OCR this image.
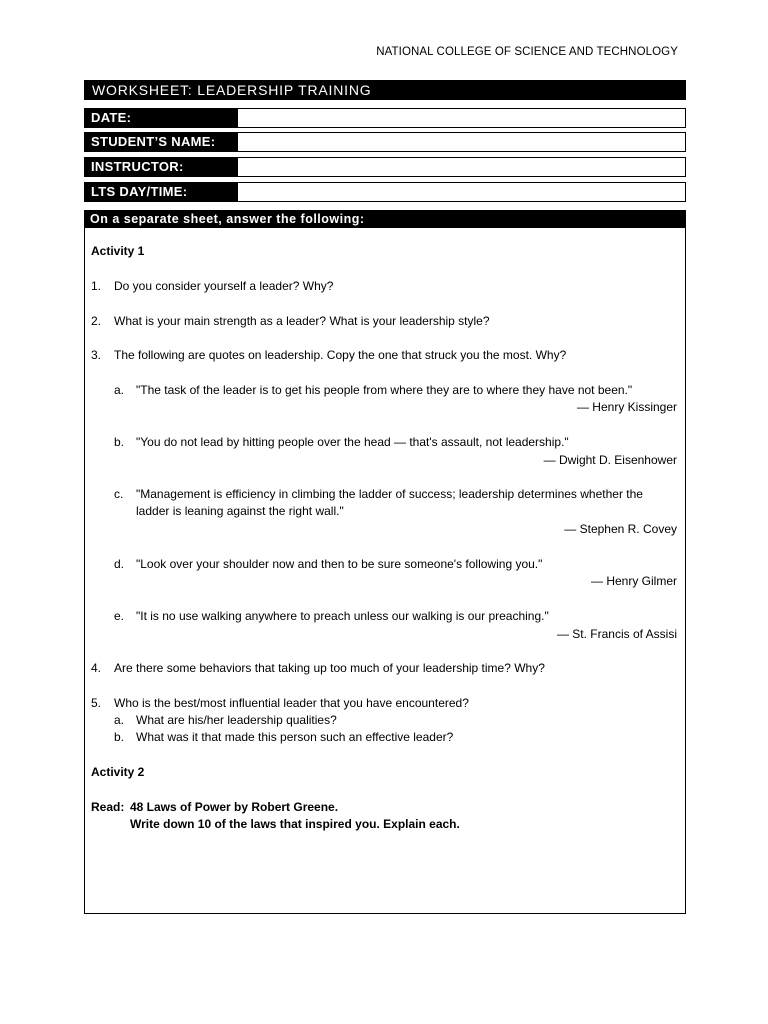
NATIONAL COLLEGE OF SCIENCE AND TECHNOLOGY
WORKSHEET: LEADERSHIP TRAINING
DATE:
STUDENT’S NAME:
INSTRUCTOR:
LTS DAY/TIME:
On a separate sheet, answer the following:
Activity 1
1. Do you consider yourself a leader? Why?
2. What is your main strength as a leader? What is your leadership style?
3. The following are quotes on leadership. Copy the one that struck you the most. Why?
a. "The task of the leader is to get his people from where they are to where they have not been."
— Henry Kissinger
b. "You do not lead by hitting people over the head — that's assault, not leadership."
— Dwight D. Eisenhower
c. "Management is efficiency in climbing the ladder of success; leadership determines whether the
ladder is leaning against the right wall."
— Stephen R. Covey
d. "Look over your shoulder now and then to be sure someone's following you."
— Henry Gilmer
e. "It is no use walking anywhere to preach unless our walking is our preaching."
— St. Francis of Assisi
4. Are there some behaviors that taking up too much of your leadership time? Why?
5. Who is the best/most influential leader that you have encountered?
a. What are his/her leadership qualities?
b. What was it that made this person such an effective leader?
Activity 2
Read: 48 Laws of Power by Robert Greene.
Write down 10 of the laws that inspired you. Explain each.
